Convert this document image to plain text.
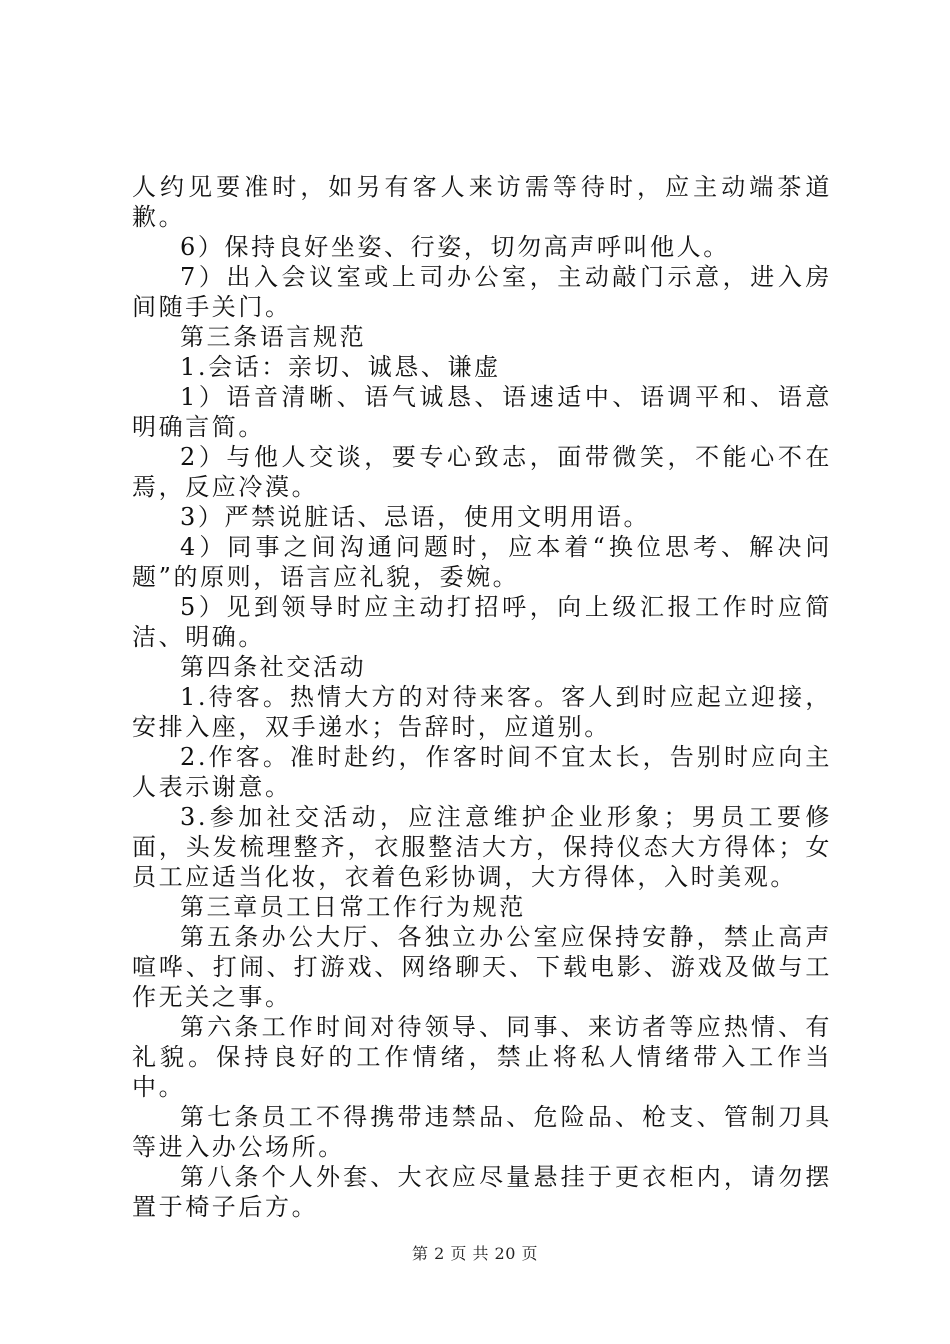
人约见要准时，如另有客人来访需等待时，应主动端茶道歉。

6）保持良好坐姿、行姿，切勿高声呼叫他人。

7）出入会议室或上司办公室，主动敲门示意，进入房间随手关门。

第三条语言规范

1.会话：亲切、诚恳、谦虚

1）语音清晰、语气诚恳、语速适中、语调平和、语意明确言简。

2）与他人交谈，要专心致志，面带微笑，不能心不在焉，反应冷漠。

3）严禁说脏话、忌语，使用文明用语。

4）同事之间沟通问题时，应本着“换位思考、解决问题”的原则，语言应礼貌，委婉。

5）见到领导时应主动打招呼，向上级汇报工作时应简洁、明确。

第四条社交活动

1.待客。热情大方的对待来客。客人到时应起立迎接，安排入座，双手递水；告辞时，应道别。

2.作客。准时赴约，作客时间不宜太长，告别时应向主人表示谢意。

3.参加社交活动，应注意维护企业形象；男员工要修面，头发梳理整齐，衣服整洁大方，保持仪态大方得体；女员工应适当化妆，衣着色彩协调，大方得体，入时美观。

第三章员工日常工作行为规范

第五条办公大厅、各独立办公室应保持安静，禁止高声喧哗、打闹、打游戏、网络聊天、下载电影、游戏及做与工作无关之事。

第六条工作时间对待领导、同事、来访者等应热情、有礼貌。保持良好的工作情绪，禁止将私人情绪带入工作当中。

第七条员工不得携带违禁品、危险品、枪支、管制刀具等进入办公场所。

第八条个人外套、大衣应尽量悬挂于更衣柜内，请勿摆置于椅子后方。

第 2 页 共 20 页
